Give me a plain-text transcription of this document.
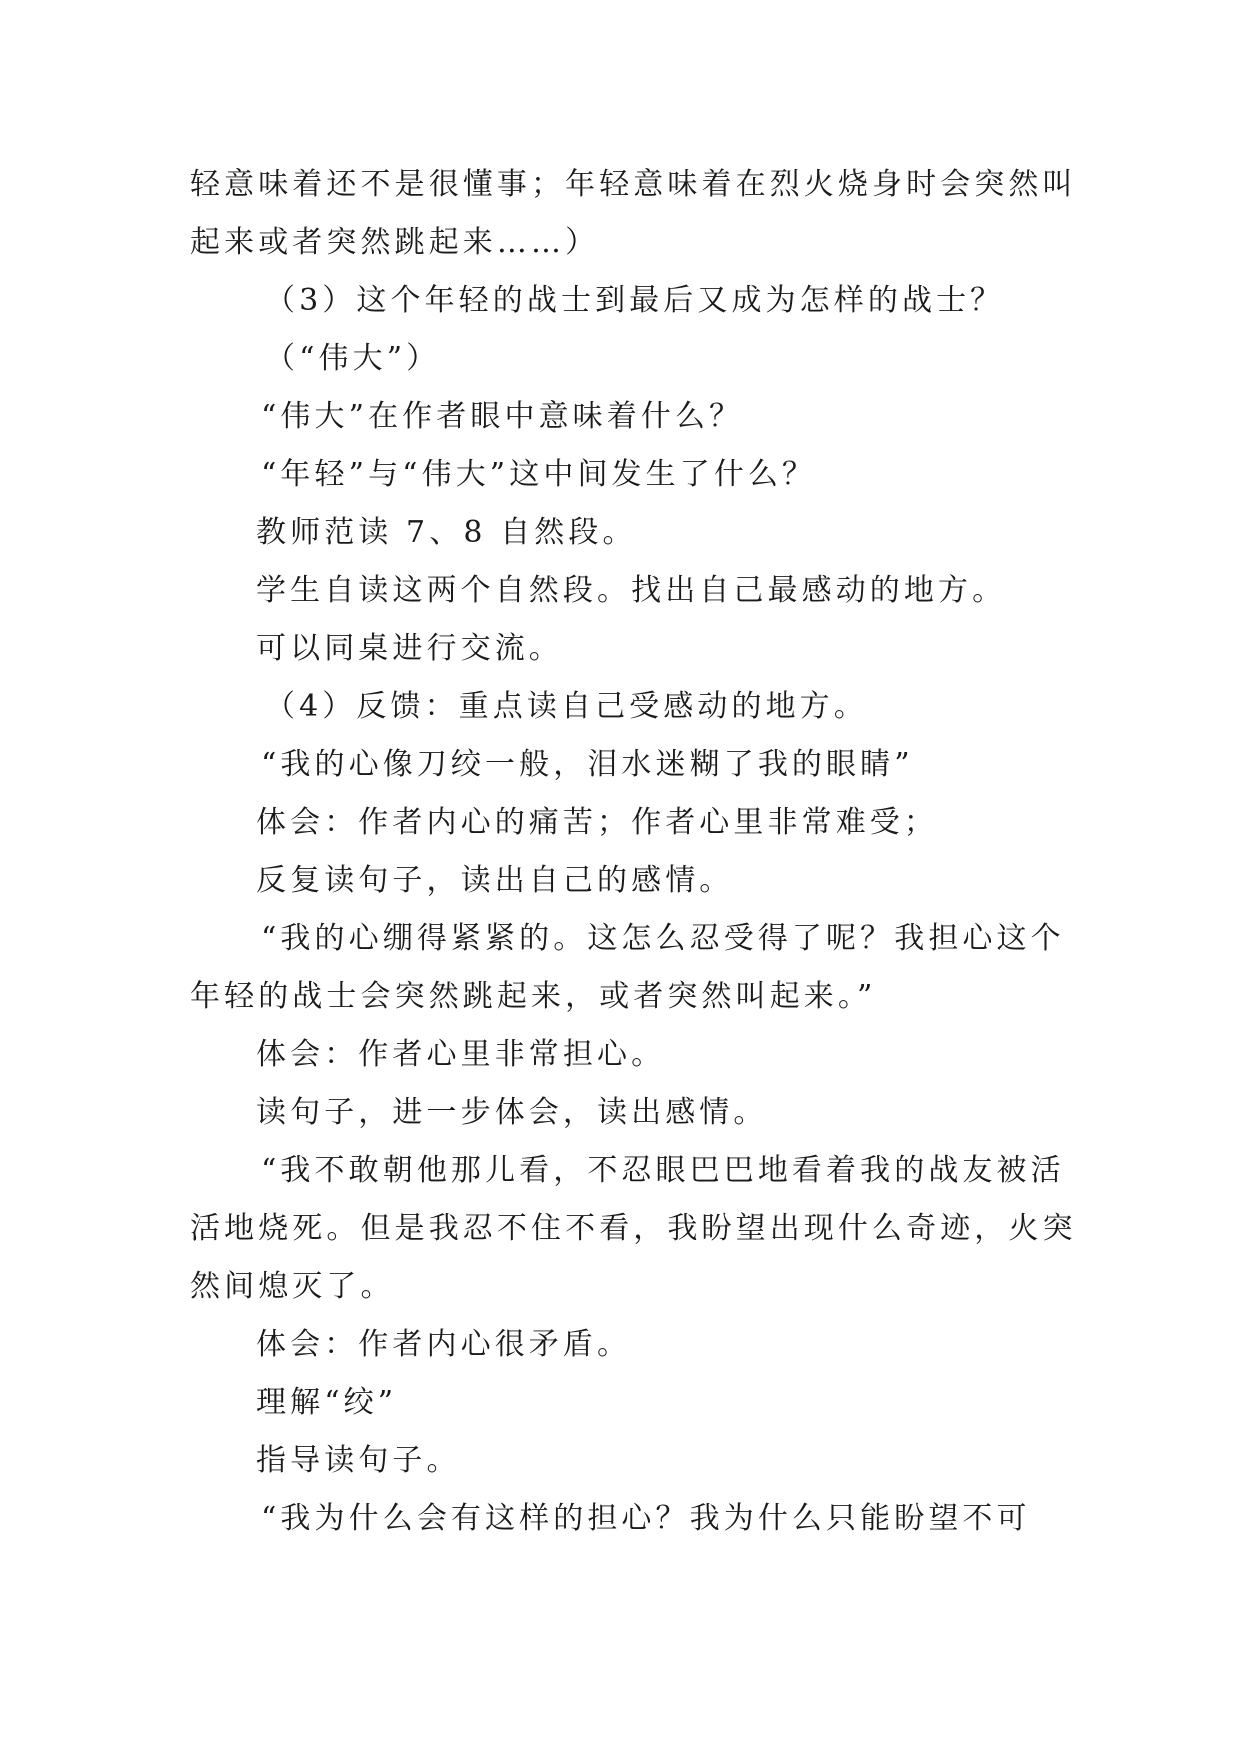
轻意味着还不是很懂事；年轻意味着在烈火烧身时会突然叫
起来或者突然跳起来……）
（3）这个年轻的战士到最后又成为怎样的战士？
（“伟大”）
“伟大”在作者眼中意味着什么？
“年轻”与“伟大”这中间发生了什么？
教师范读 7、8 自然段。
学生自读这两个自然段。找出自己最感动的地方。
可以同桌进行交流。
（4）反馈：重点读自己受感动的地方。
“我的心像刀绞一般，泪水迷糊了我的眼睛”
体会：作者内心的痛苦；作者心里非常难受；
反复读句子，读出自己的感情。
“我的心绷得紧紧的。这怎么忍受得了呢？我担心这个
年轻的战士会突然跳起来，或者突然叫起来。”
体会：作者心里非常担心。
读句子，进一步体会，读出感情。
“我不敢朝他那儿看，不忍眼巴巴地看着我的战友被活
活地烧死。但是我忍不住不看，我盼望出现什么奇迹，火突
然间熄灭了。
体会：作者内心很矛盾。
理解“绞”
指导读句子。
“我为什么会有这样的担心？我为什么只能盼望不可
